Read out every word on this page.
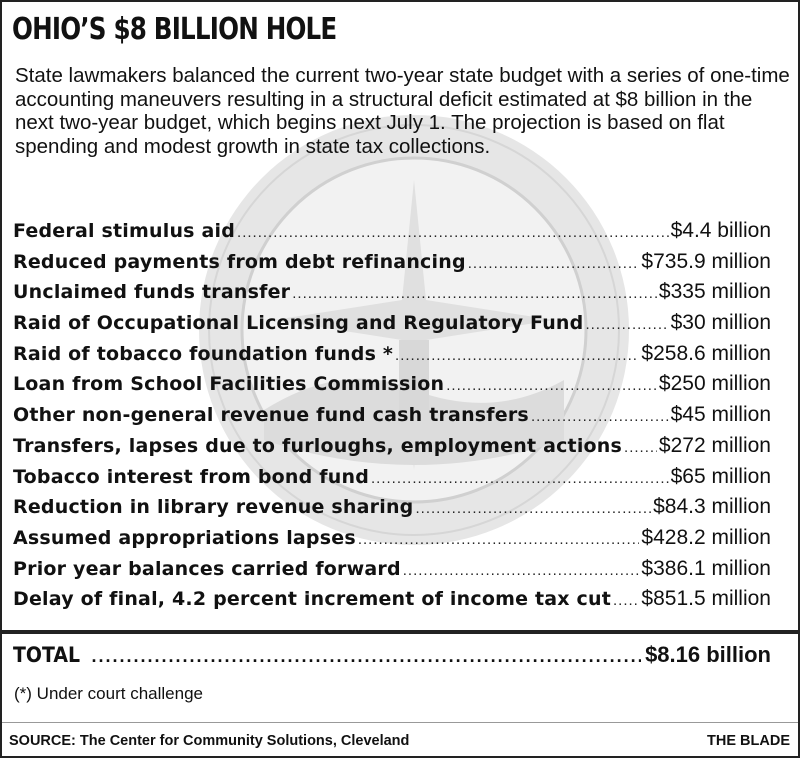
OHIO’S $8 BILLION HOLE
State lawmakers balanced the current two-year state budget with a series of one-time accounting maneuvers resulting in a structural deficit estimated at $8 billion in the next two-year budget, which begins next July 1. The projection is based on flat spending and modest growth in state tax collections.
Federal stimulus aid .....	$4.4 billion
Reduced payments from debt refinancing .....	$735.9 million
Unclaimed funds transfer .....	$335 million
Raid of Occupational Licensing and Regulatory Fund .....	$30 million
Raid of tobacco foundation funds * .....	$258.6 million
Loan from School Facilities Commission .....	$250 million
Other non-general revenue fund cash transfers .....	$45 million
Transfers, lapses due to furloughs, employment actions ..... $272 million
Tobacco interest from bond fund .....	$65 million
Reduction in library revenue sharing .....	$84.3 million
Assumed appropriations lapses .....	$428.2 million
Prior year balances carried forward .....	$386.1 million
Delay of final, 4.2 percent increment of income tax cut ..... $851.5 million
TOTAL .....	$8.16 billion
(*) Under court challenge
SOURCE: The Center for Community Solutions, Cleveland	THE BLADE
